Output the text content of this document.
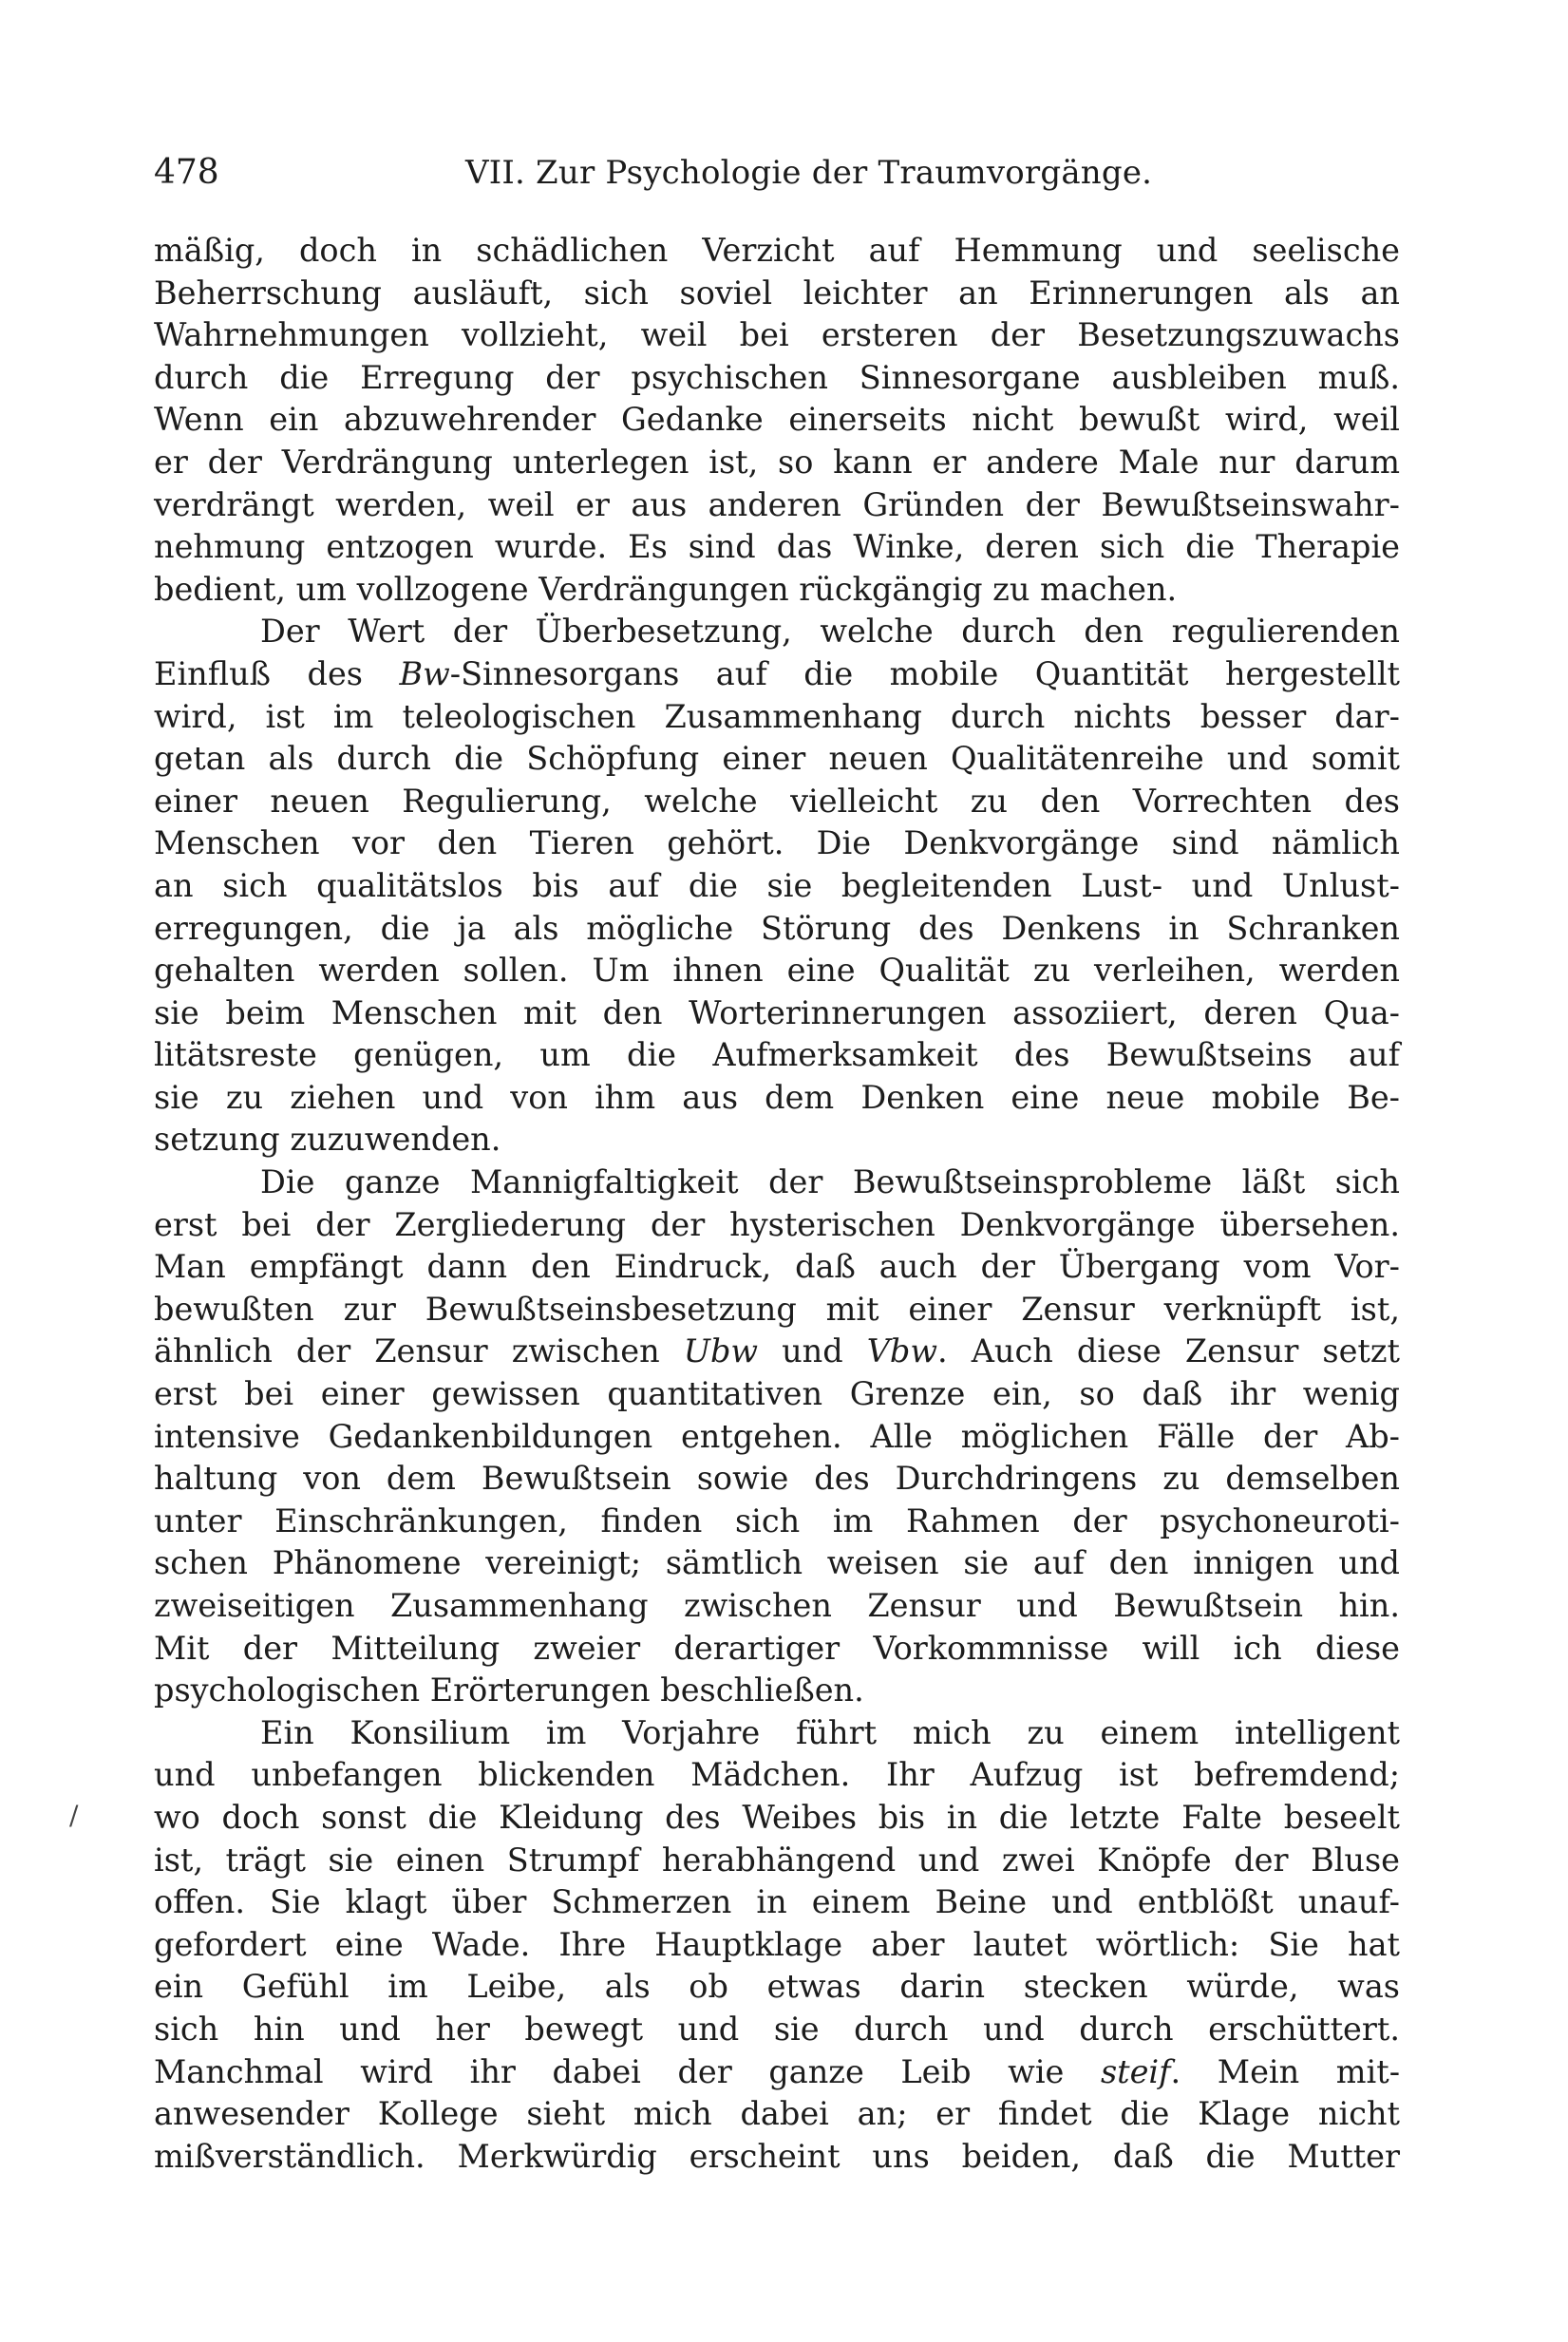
478	VII. Zur Psychologie der Traumvorgänge.
/
mäßig, doch in schädlichen Verzicht auf Hemmung und seelische
Beherrschung ausläuft, sich soviel leichter an Erinnerungen als an
Wahrnehmungen vollzieht, weil bei ersteren der Besetzungszuwachs
durch die Erregung der psychischen Sinnesorgane ausbleiben muß.
Wenn ein abzuwehrender Gedanke einerseits nicht bewußt wird, weil
er der Verdrängung unterlegen ist, so kann er andere Male nur darum
verdrängt werden, weil er aus anderen Gründen der Bewußtseinswahr-
nehmung entzogen wurde. Es sind das Winke, deren sich die Therapie
bedient, um vollzogene Verdrängungen rückgängig zu machen.
Der Wert der Überbesetzung, welche durch den regulierenden
Einfluß des Bw-Sinnesorgans auf die mobile Quantität hergestellt
wird, ist im teleologischen Zusammenhang durch nichts besser dar-
getan als durch die Schöpfung einer neuen Qualitätenreihe und somit
einer neuen Regulierung, welche vielleicht zu den Vorrechten des
Menschen vor den Tieren gehört. Die Denkvorgänge sind nämlich
an sich qualitätslos bis auf die sie begleitenden Lust- und Unlust-
erregungen, die ja als mögliche Störung des Denkens in Schranken
gehalten werden sollen. Um ihnen eine Qualität zu verleihen, werden
sie beim Menschen mit den Worterinnerungen assoziiert, deren Qua-
litätsreste genügen, um die Aufmerksamkeit des Bewußtseins auf
sie zu ziehen und von ihm aus dem Denken eine neue mobile Be-
setzung zuzuwenden.
Die ganze Mannigfaltigkeit der Bewußtseinsprobleme läßt sich
erst bei der Zergliederung der hysterischen Denkvorgänge übersehen.
Man empfängt dann den Eindruck, daß auch der Übergang vom Vor-
bewußten zur Bewußtseinsbesetzung mit einer Zensur verknüpft ist,
ähnlich der Zensur zwischen Ubw und Vbw. Auch diese Zensur setzt
erst bei einer gewissen quantitativen Grenze ein, so daß ihr wenig
intensive Gedankenbildungen entgehen. Alle möglichen Fälle der Ab-
haltung von dem Bewußtsein sowie des Durchdringens zu demselben
unter Einschränkungen, finden sich im Rahmen der psychoneuroti-
schen Phänomene vereinigt; sämtlich weisen sie auf den innigen und
zweiseitigen Zusammenhang zwischen Zensur und Bewußtsein hin.
Mit der Mitteilung zweier derartiger Vorkommnisse will ich diese
psychologischen Erörterungen beschließen.
Ein Konsilium im Vorjahre führt mich zu einem intelligent
und unbefangen blickenden Mädchen. Ihr Aufzug ist befremdend;
wo doch sonst die Kleidung des Weibes bis in die letzte Falte beseelt
ist, trägt sie einen Strumpf herabhängend und zwei Knöpfe der Bluse
offen. Sie klagt über Schmerzen in einem Beine und entblößt unauf-
gefordert eine Wade. Ihre Hauptklage aber lautet wörtlich: Sie hat
ein Gefühl im Leibe, als ob etwas darin stecken würde, was
sich hin und her bewegt und sie durch und durch erschüttert.
Manchmal wird ihr dabei der ganze Leib wie steif. Mein mit-
anwesender Kollege sieht mich dabei an; er findet die Klage nicht
mißverständlich. Merkwürdig erscheint uns beiden, daß die Mutter
